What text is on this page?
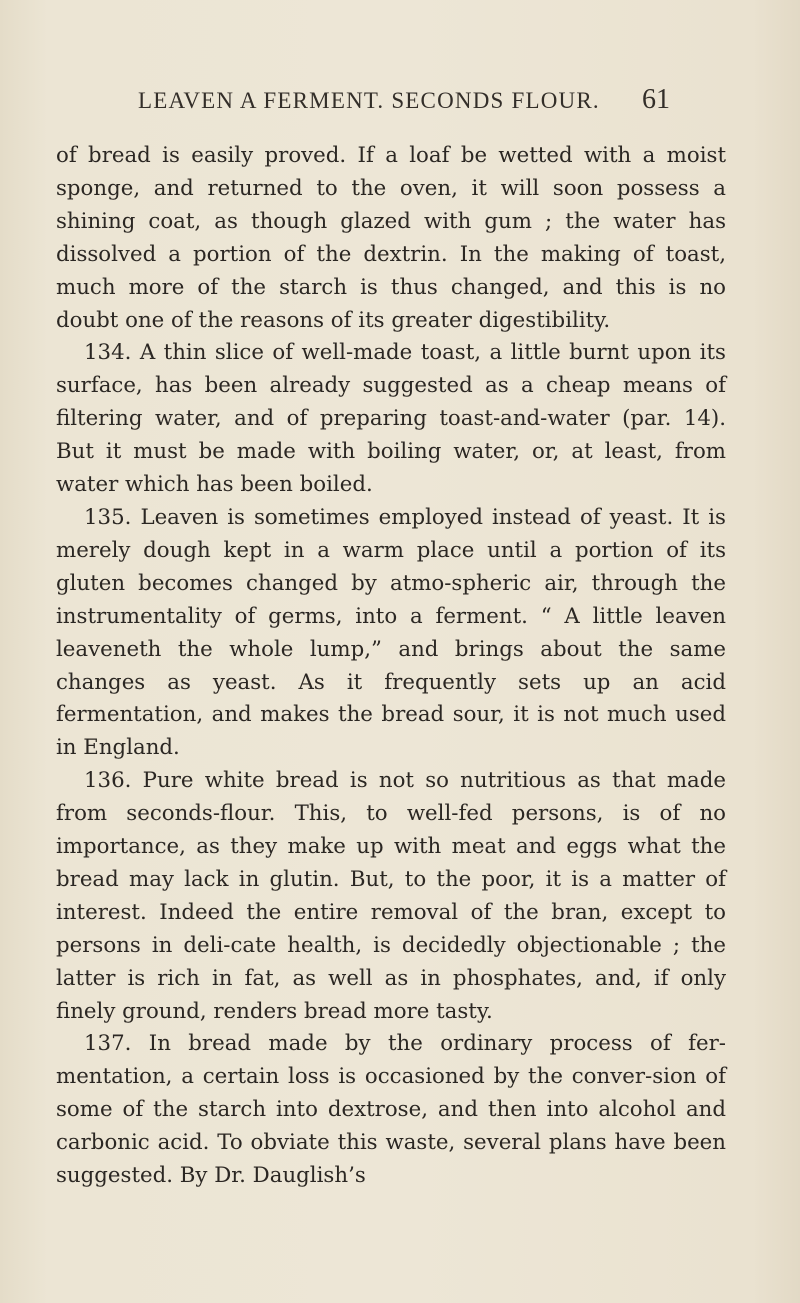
LEAVEN A FERMENT. SECONDS FLOUR. 61

of bread is easily proved. If a loaf be wetted with a moist sponge, and returned to the oven, it will soon possess a shining coat, as though glazed with gum ; the water has dissolved a portion of the dextrin. In the making of toast, much more of the starch is thus changed, and this is no doubt one of the reasons of its greater digestibility.

134. A thin slice of well-made toast, a little burnt upon its surface, has been already suggested as a cheap means of filtering water, and of preparing toast-and-water (par. 14). But it must be made with boiling water, or, at least, from water which has been boiled.

135. Leaven is sometimes employed instead of yeast. It is merely dough kept in a warm place until a portion of its gluten becomes changed by atmo-spheric air, through the instrumentality of germs, into a ferment. “ A little leaven leaveneth the whole lump,” and brings about the same changes as yeast. As it frequently sets up an acid fermentation, and makes the bread sour, it is not much used in England.

136. Pure white bread is not so nutritious as that made from seconds-flour. This, to well-fed persons, is of no importance, as they make up with meat and eggs what the bread may lack in glutin. But, to the poor, it is a matter of interest. Indeed the entire removal of the bran, except to persons in deli-cate health, is decidedly objectionable ; the latter is rich in fat, as well as in phosphates, and, if only finely ground, renders bread more tasty.

137. In bread made by the ordinary process of fer-mentation, a certain loss is occasioned by the conver-sion of some of the starch into dextrose, and then into alcohol and carbonic acid. To obviate this waste, several plans have been suggested. By Dr. Dauglish’s
